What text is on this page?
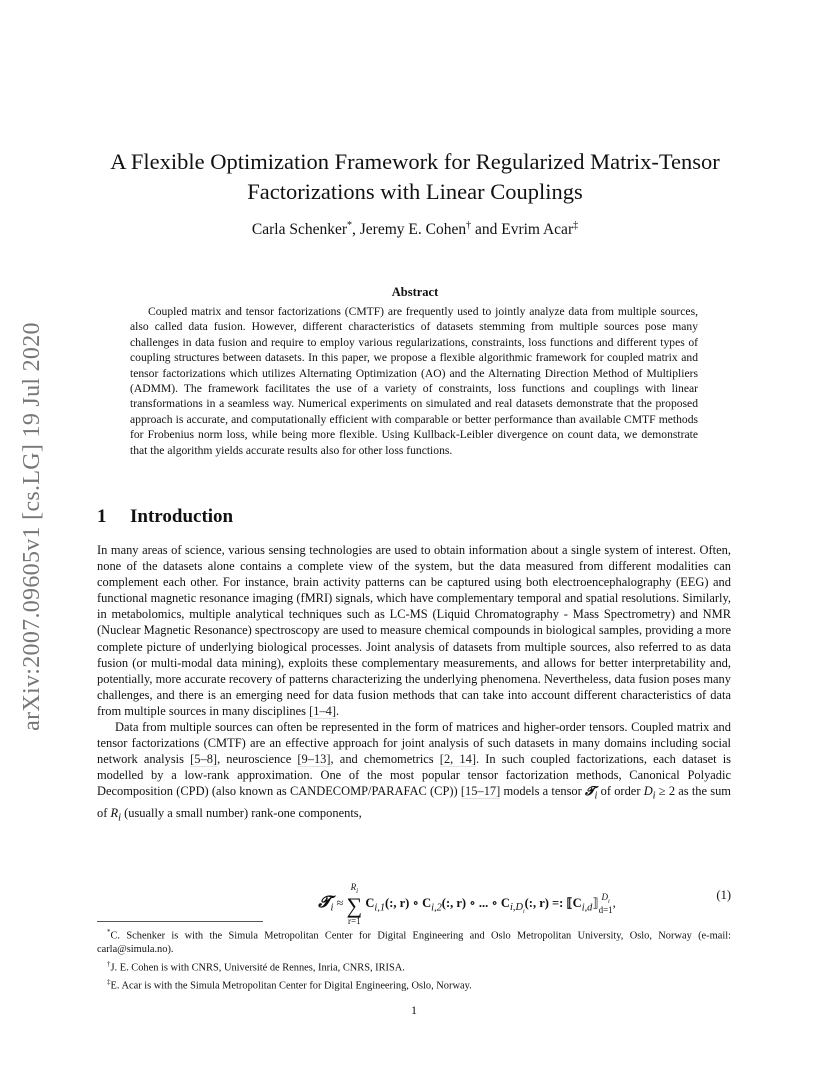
arXiv:2007.09605v1 [cs.LG] 19 Jul 2020
A Flexible Optimization Framework for Regularized Matrix-Tensor
Factorizations with Linear Couplings
Carla Schenker*, Jeremy E. Cohen† and Evrim Acar‡
Abstract

Coupled matrix and tensor factorizations (CMTF) are frequently used to jointly analyze data from multiple sources, also called data fusion. However, different characteristics of datasets stemming from multiple sources pose many challenges in data fusion and require to employ various regularizations, constraints, loss functions and different types of coupling structures between datasets. In this paper, we propose a flexible algorithmic framework for coupled matrix and tensor factorizations which utilizes Alternating Optimization (AO) and the Alternating Direction Method of Multipliers (ADMM). The framework facilitates the use of a variety of constraints, loss functions and couplings with linear transformations in a seamless way. Numerical experiments on simulated and real datasets demonstrate that the proposed approach is accurate, and computationally efficient with comparable or better performance than available CMTF methods for Frobenius norm loss, while being more flexible. Using Kullback-Leibler divergence on count data, we demonstrate that the algorithm yields accurate results also for other loss functions.

1 Introduction

In many areas of science, various sensing technologies are used to obtain information about a single system of interest. Often, none of the datasets alone contains a complete view of the system, but the data measured from different modalities can complement each other. For instance, brain activity patterns can be captured using both electroencephalography (EEG) and functional magnetic resonance imaging (fMRI) signals, which have complementary temporal and spatial resolutions. Similarly, in metabolomics, multiple analytical techniques such as LC-MS (Liquid Chromatography - Mass Spectrometry) and NMR (Nuclear Magnetic Resonance) spectroscopy are used to measure chemical compounds in biological samples, providing a more complete picture of underlying biological processes. Joint analysis of datasets from multiple sources, also referred to as data fusion (or multi-modal data mining), exploits these complementary measurements, and allows for better interpretability and, potentially, more accurate recovery of patterns characterizing the underlying phenomena. Nevertheless, data fusion poses many challenges, and there is an emerging need for data fusion methods that can take into account different characteristics of data from multiple sources in many disciplines [1–4].

Data from multiple sources can often be represented in the form of matrices and higher-order tensors. Coupled matrix and tensor factorizations (CMTF) are an effective approach for joint analysis of such datasets in many domains including social network analysis [5–8], neuroscience [9–13], and chemometrics [2, 14]. In such coupled factorizations, each dataset is modelled by a low-rank approximation. One of the most popular tensor factorization methods, Canonical Polyadic Decomposition (CPD) (also known as CANDECOMP/PARAFAC (CP)) [15–17] models a tensor 𝓣$_i$ of order $D_i \ge 2$ as the sum of $R_i$ (usually a small number) rank-one components,

𝓣$_i$ ≈
$R_i$
∑
r=1
$C_{i,1}$(:, r) ∘ $C_{i,2}$(:, r) ∘ ... ∘ $C_{i,D_i}$(:, r) =: $⟦C_{i,d}⟧$ $D_i$
d=1
,
(1)

*C. Schenker is with the Simula Metropolitan Center for Digital Engineering and Oslo Metropolitan University, Oslo, Norway (e-mail: carla@simula.no).

†J. E. Cohen is with CNRS, Université de Rennes, Inria, CNRS, IRISA.

‡E. Acar is with the Simula Metropolitan Center for Digital Engineering, Oslo, Norway.

1
